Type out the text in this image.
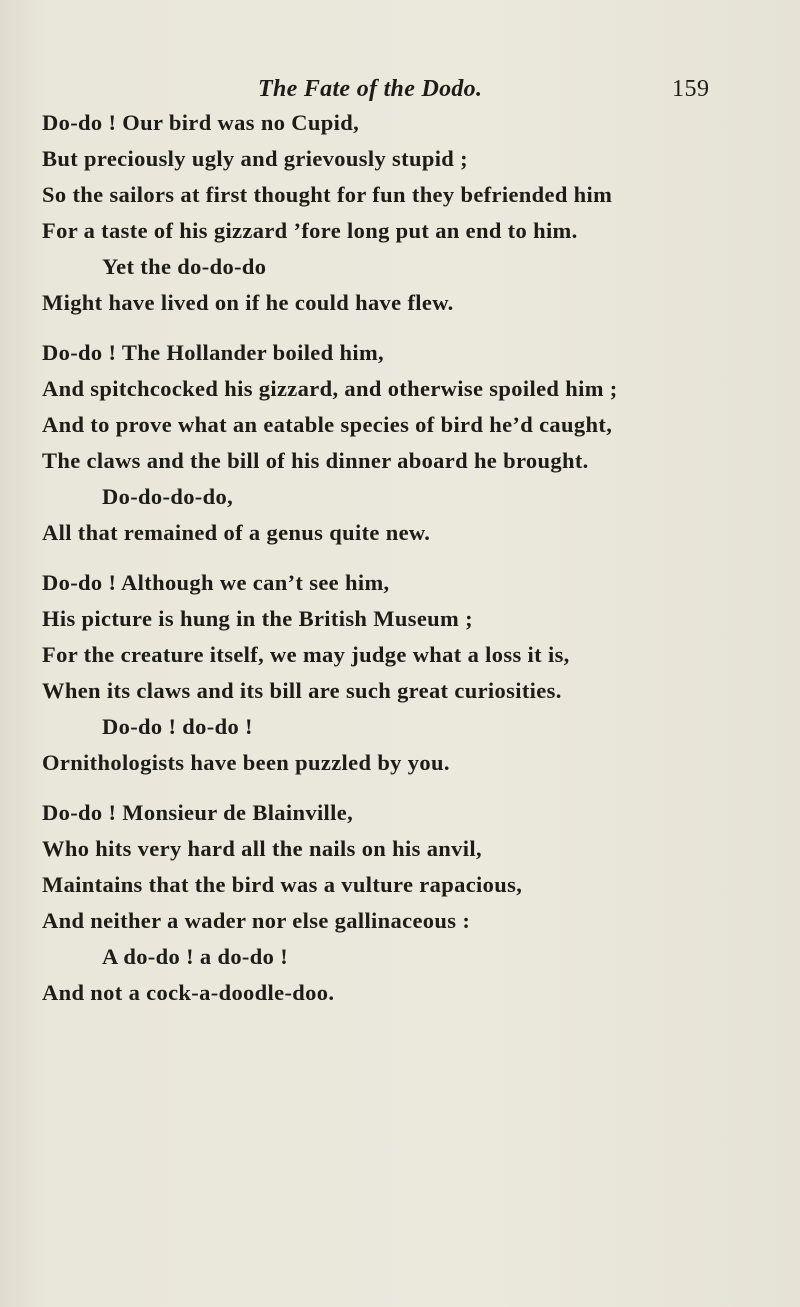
The Fate of the Dodo.	159
Do-do ! Our bird was no Cupid,
But preciously ugly and grievously stupid ;
So the sailors at first thought for fun they befriended him
For a taste of his gizzard ’fore long put an end to him.
Yet the do-do-do
Might have lived on if he could have flew.
Do-do ! The Hollander boiled him,
And spitchcocked his gizzard, and otherwise spoiled him ;
And to prove what an eatable species of bird he’d caught,
The claws and the bill of his dinner aboard he brought.
Do-do-do-do,
All that remained of a genus quite new.
Do-do ! Although we can’t see him,
His picture is hung in the British Museum ;
For the creature itself, we may judge what a loss it is,
When its claws and its bill are such great curiosities.
Do-do ! do-do !
Ornithologists have been puzzled by you.
Do-do ! Monsieur de Blainville,
Who hits very hard all the nails on his anvil,
Maintains that the bird was a vulture rapacious,
And neither a wader nor else gallinaceous :
A do-do ! a do-do !
And not a cock-a-doodle-doo.
